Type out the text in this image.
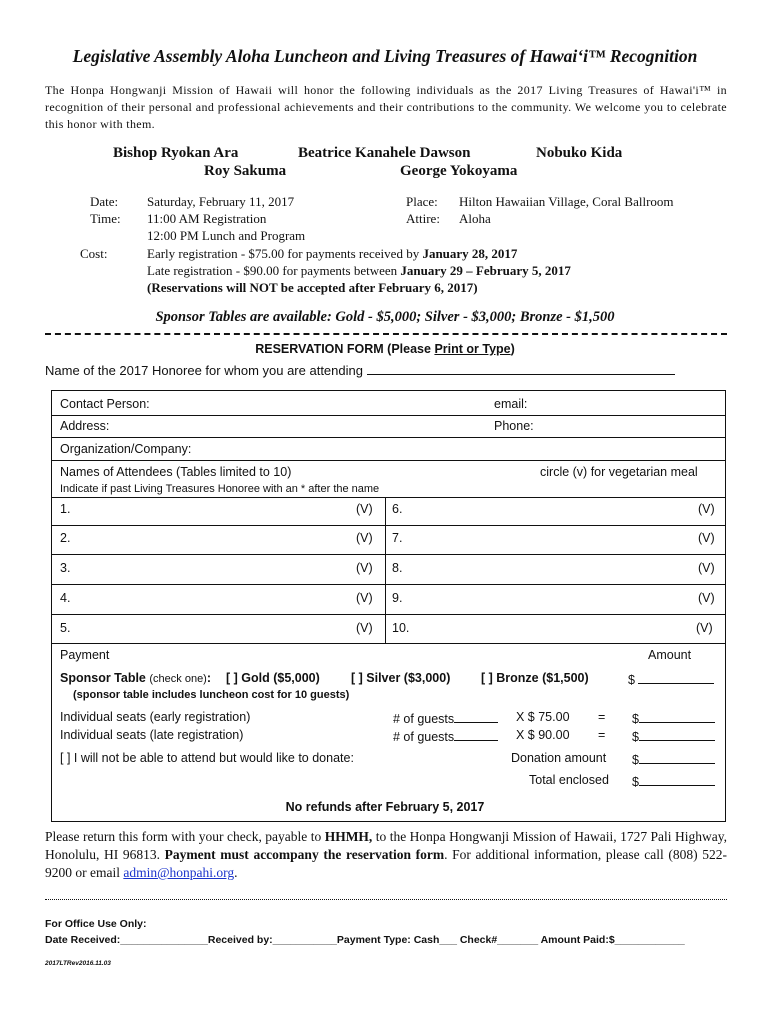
Legislative Assembly Aloha Luncheon and Living Treasures of Hawai‘i™ Recognition
The Honpa Hongwanji Mission of Hawaii will honor the following individuals as the 2017 Living Treasures of Hawai'i™ in recognition of their personal and professional achievements and their contributions to the community. We welcome you to celebrate this honor with them.
Bishop Ryokan Ara	Beatrice Kanahele Dawson	Nobuko Kida
Roy Sakuma	George Yokoyama
Date: Saturday, February 11, 2017
Time: 11:00 AM Registration
12:00 PM Lunch and Program
Place: Hilton Hawaiian Village, Coral Ballroom
Attire: Aloha
Cost:	Early registration - $75.00 for payments received by January 28, 2017
Late registration - $90.00 for payments between January 29 – February 5, 2017
(Reservations will NOT be accepted after February 6, 2017)
Sponsor Tables are available: Gold - $5,000; Silver - $3,000; Bronze - $1,500
RESERVATION FORM (Please Print or Type)
Name of the 2017 Honoree for whom you are attending
Contact Person:	email:
Address:	Phone:
Organization/Company:
Names of Attendees (Tables limited to 10)	circle (v) for vegetarian meal
Indicate if past Living Treasures Honoree with an * after the name
1.	(V) 6.	(V)
2.	(V) 7.	(V)
3.	(V) 8.	(V)
4.	(V) 9.	(V)
5.	(V) 10.	(V)
Payment	Amount
Sponsor Table (check one): [ ] Gold ($5,000) [ ] Silver ($3,000) [ ] Bronze ($1,500)	$
(sponsor table includes luncheon cost for 10 guests)
Individual seats (early registration)	# of guests	X $ 75.00 = $
Individual seats (late registration)	# of guests	X $ 90.00 = $
[ ] I will not be able to attend but would like to donate:	Donation amount $
Total enclosed $
No refunds after February 5, 2017
Please return this form with your check, payable to HHMH, to the Honpa Hongwanji Mission of Hawaii, 1727 Pali Highway, Honolulu, HI 96813. Payment must accompany the reservation form. For additional information, please call (808) 522-9200 or email admin@honpahi.org.
For Office Use Only:
Date Received:_______________Received by:___________Payment Type: Cash___ Check#_______ Amount Paid:$____________
2017LTRev2016.11.03
